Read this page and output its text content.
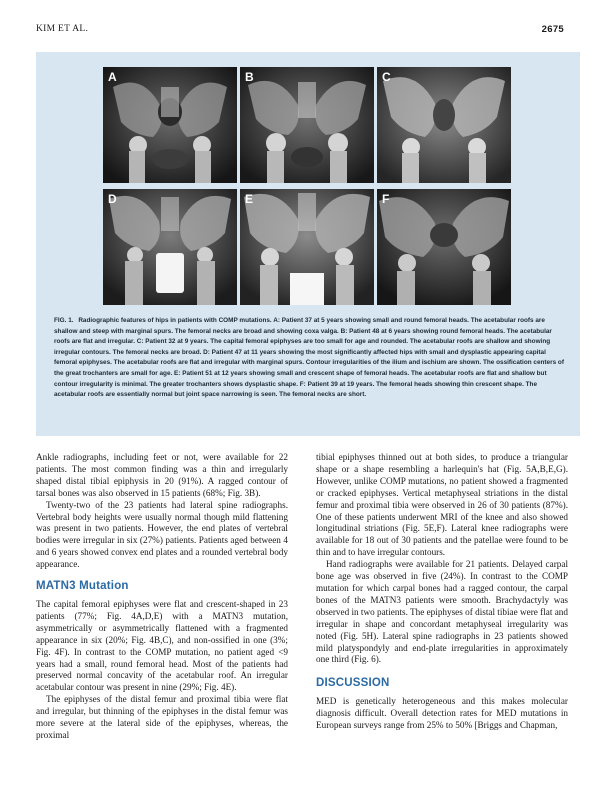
KIM ET AL.	2675
A	B	C
D	E	F
FIG. 1. Radiographic features of hips in patients with COMP mutations. A: Patient 37 at 5 years showing small and round femoral heads. The acetabular roofs are shallow and steep with marginal spurs. The femoral necks are broad and showing coxa valga. B: Patient 48 at 6 years showing round femoral heads. The acetabular roofs are flat and irregular. C: Patient 32 at 9 years. The capital femoral epiphyses are too small for age and rounded. The acetabular roofs are shallow and showing irregular contours. The femoral necks are broad. D: Patient 47 at 11 years showing the most significantly affected hips with small and dysplastic appearing capital femoral epiphyses. The acetabular roofs are flat and irregular with marginal spurs. Contour irregularities of the ilium and ischium are shown. The ossification centers of the great trochanters are small for age. E: Patient 51 at 12 years showing small and crescent shape of femoral heads. The acetabular roofs are flat and shallow but contour irregularity is minimal. The greater trochanters shows dysplastic shape. F: Patient 39 at 19 years. The femoral heads showing thin crescent shape. The acetabular roofs are essentially normal but joint space narrowing is seen. The femoral necks are short.

Ankle radiographs, including feet or not, were available for 22 patients. The most common finding was a thin and irregularly shaped distal tibial epiphysis in 20 (91%). A ragged contour of tarsal bones was also observed in 15 patients (68%; Fig. 3B).

Twenty-two of the 23 patients had lateral spine radiographs. Vertebral body heights were usually normal though mild flattening was present in two patients. However, the end plates of vertebral bodies were irregular in six (27%) patients. Patients aged between 4 and 6 years showed convex end plates and a rounded vertebral body appearance.

MATN3 Mutation

The capital femoral epiphyses were flat and crescent-shaped in 23 patients (77%; Fig. 4A,D,E) with a MATN3 mutation, asymmetrically or asymmetrically flattened with a fragmented appearance in six (20%; Fig. 4B,C), and non-ossified in one (3%; Fig. 4F). In contrast to the COMP mutation, no patient aged <9 years had a small, round femoral head. Most of the patients had preserved normal concavity of the acetabular roof. An irregular acetabular contour was present in nine (29%; Fig. 4E).

The epiphyses of the distal femur and proximal tibia were flat and irregular, but thinning of the epiphyses in the distal femur was more severe at the lateral side of the epiphyses, whereas, the proximal

tibial epiphyses thinned out at both sides, to produce a triangular shape or a shape resembling a harlequin's hat (Fig. 5A,B,E,G). However, unlike COMP mutations, no patient showed a fragmented or cracked epiphyses. Vertical metaphyseal striations in the distal femur and proximal tibia were observed in 26 of 30 patients (87%). One of these patients underwent MRI of the knee and also showed longitudinal striations (Fig. 5E,F). Lateral knee radiographs were available for 18 out of 30 patients and the patellae were found to be thin and to have irregular contours.

Hand radiographs were available for 21 patients. Delayed carpal bone age was observed in five (24%). In contrast to the COMP mutation for which carpal bones had a ragged contour, the carpal bones of the MATN3 patients were smooth. Brachydactyly was observed in two patients. The epiphyses of distal tibiae were flat and irregular in shape and concordant metaphyseal irregularity was noted (Fig. 5H). Lateral spine radiographs in 23 patients showed mild platyspondyly and end-plate irregularities in approximately one third (Fig. 6).

DISCUSSION

MED is genetically heterogeneous and this makes molecular diagnosis difficult. Overall detection rates for MED mutations in European surveys range from 25% to 50% [Briggs and Chapman,
